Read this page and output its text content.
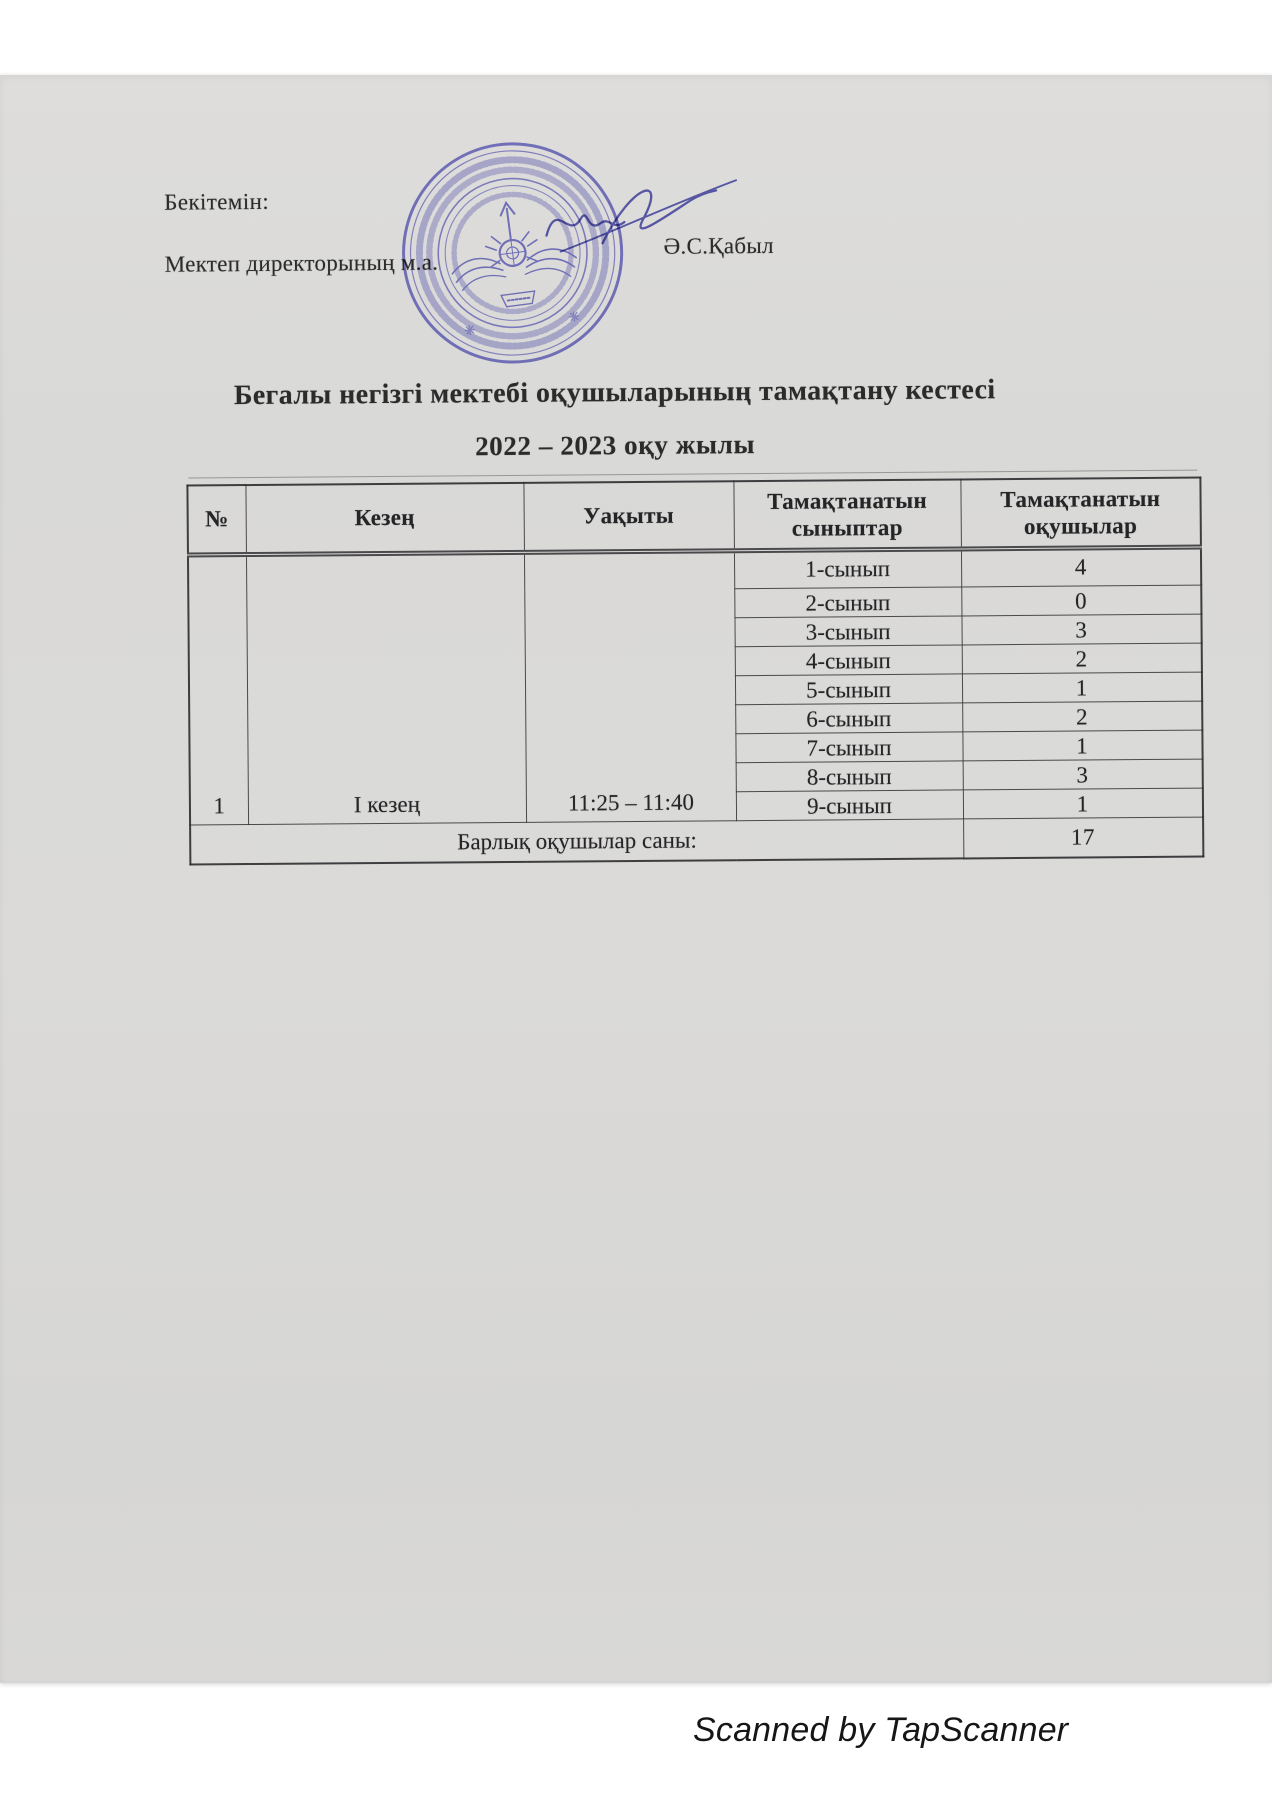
Бекітемін:
Мектеп директорының м.а.
Ә.С.Қабыл
Бегалы негізгі мектебі оқушыларының тамақтану кестесі
2022 – 2023 оқу жылы
№	Кезең	Уақыты	Тамақтанатын сыныптар	Тамақтанатын оқушылар
1	I кезең	11:25 – 11:40	1-сынып	4
			2-сынып	0
			3-сынып	3
			4-сынып	2
			5-сынып	1
			6-сынып	2
			7-сынып	1
			8-сынып	3
			9-сынып	1
Барлық оқушылар саны:				17
Scanned by TapScanner
